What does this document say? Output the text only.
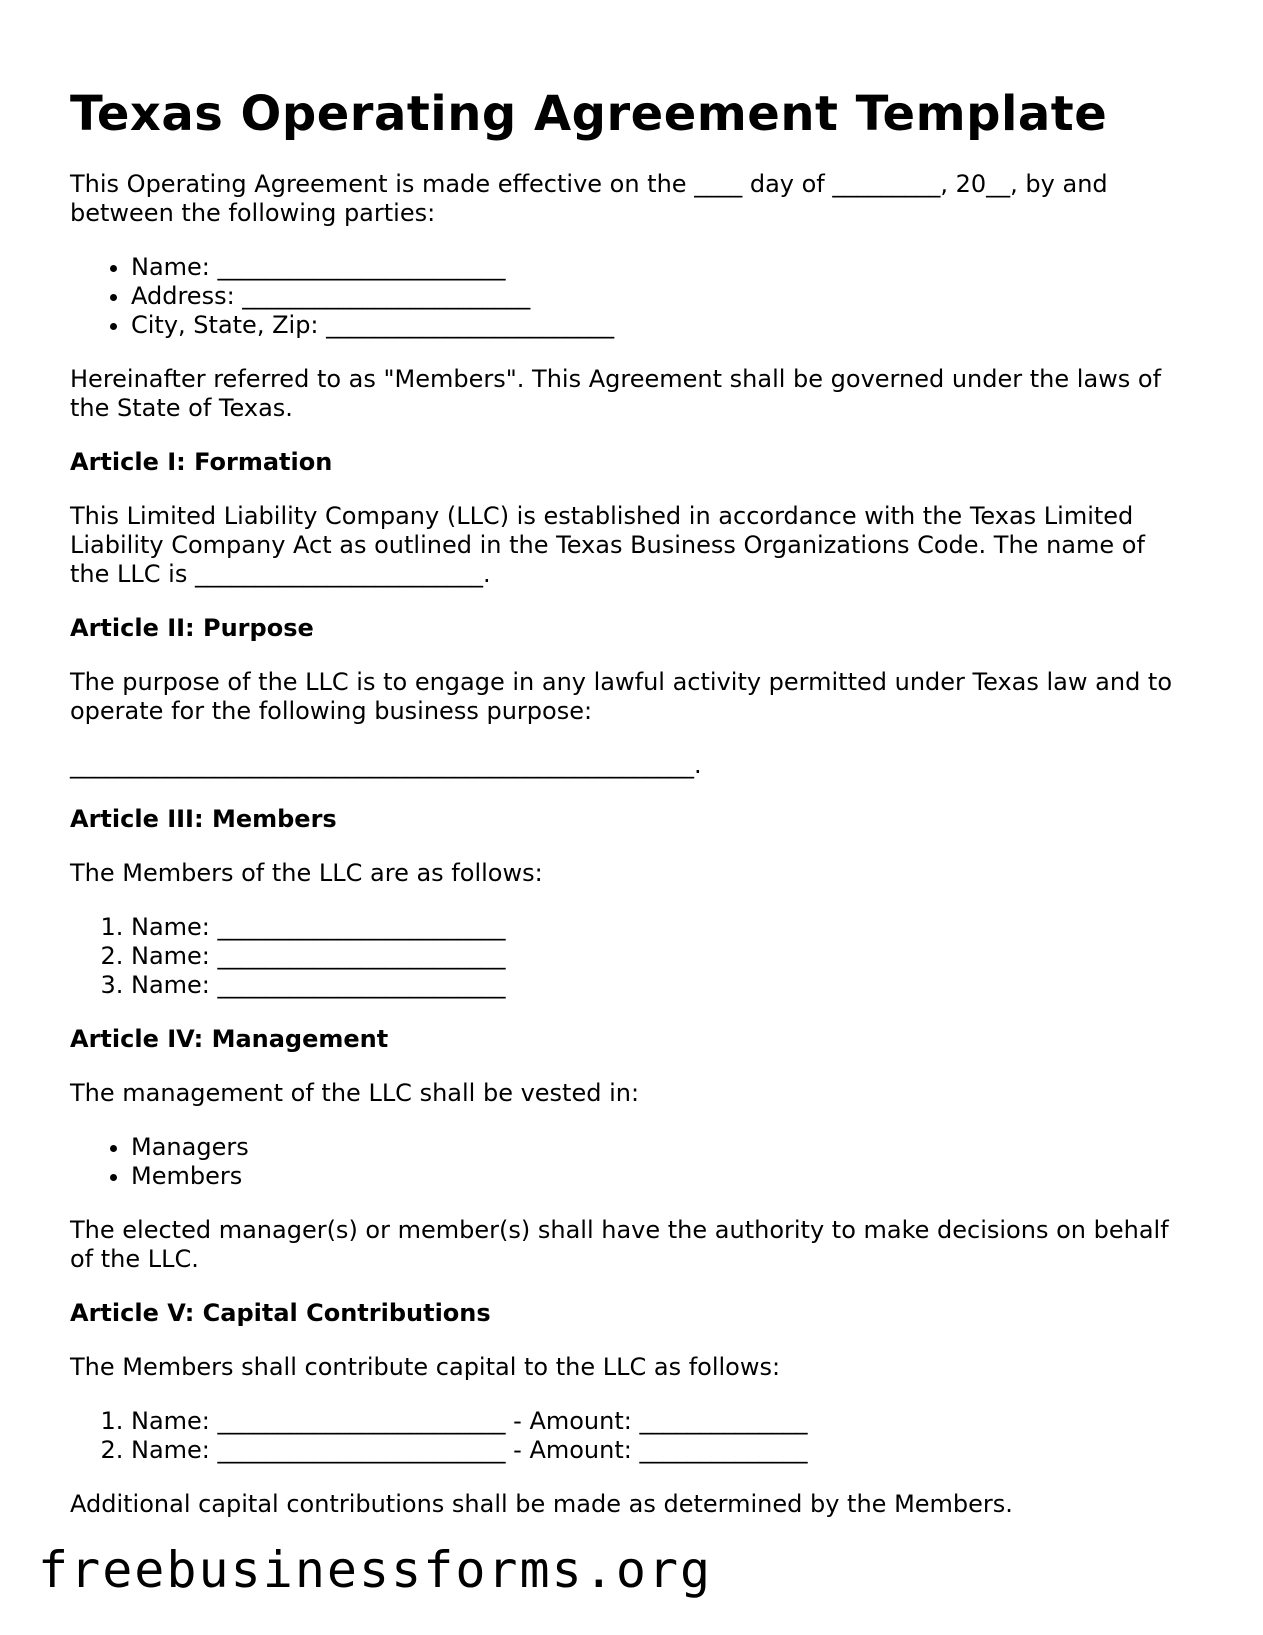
Texas Operating Agreement Template

This Operating Agreement is made effective on the ____ day of _________, 20__, by and between the following parties:

• Name: ________________________
• Address: ________________________
• City, State, Zip: ________________________

Hereinafter referred to as "Members". This Agreement shall be governed under the laws of the State of Texas.

Article I: Formation

This Limited Liability Company (LLC) is established in accordance with the Texas Limited Liability Company Act as outlined in the Texas Business Organizations Code. The name of the LLC is ________________________.

Article II: Purpose

The purpose of the LLC is to engage in any lawful activity permitted under Texas law and to operate for the following business purpose:

____________________________________________________.

Article III: Members

The Members of the LLC are as follows:

1. Name: ________________________
2. Name: ________________________
3. Name: ________________________
Article IV: Management

The management of the LLC shall be vested in:

• Managers
• Members

The elected manager(s) or member(s) shall have the authority to make decisions on behalf of the LLC.

Article V: Capital Contributions

The Members shall contribute capital to the LLC as follows:

1. Name: ________________________ - Amount: ______________
2. Name: ________________________ - Amount: ______________

Additional capital contributions shall be made as determined by the Members.

freebusinessforms.org
